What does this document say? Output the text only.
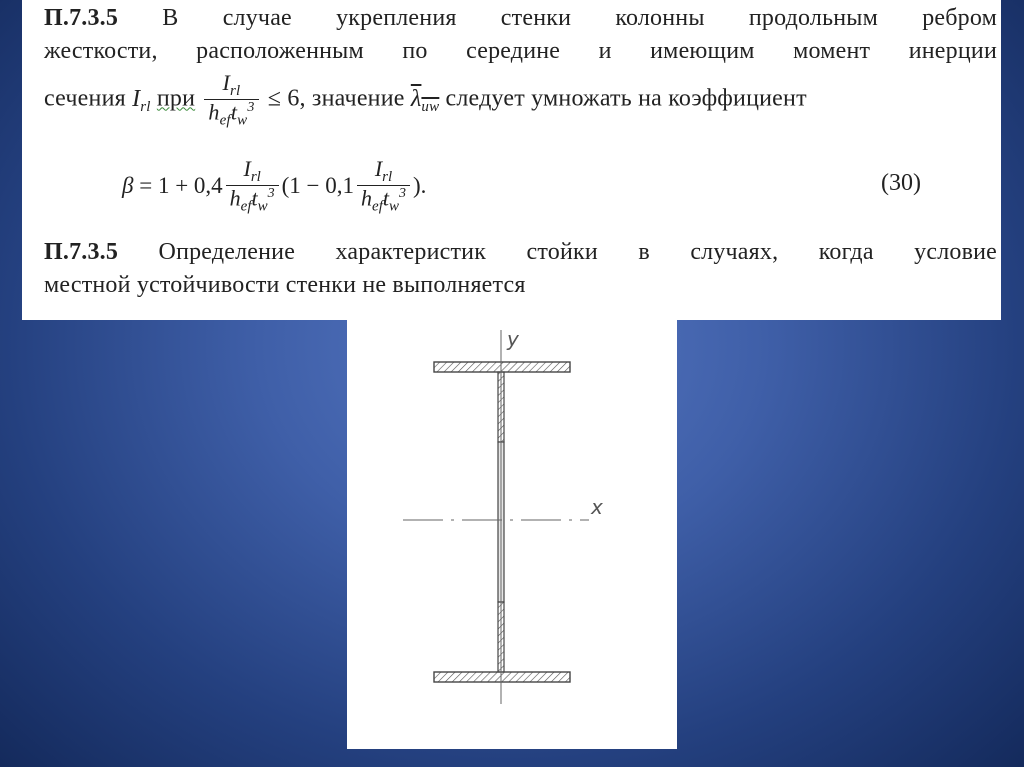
П.7.3.5 В случае укрепления стенки колонны продольным ребром
жесткости, расположенным по середине и имеющим момент инерции
сечения $I_{rl}$ при $\frac{I_{rl}}{h_{ef}t_w^3} \le 6$, значение $\lambda_{uw}$ следует умножать на коэффициент

β
= $1 + 0,4 \frac{I_{rl}}{h_{ef}t_w^3} (1 - 0,1 \frac{I_{rl}}{h_{ef}t_w^3}$ ).	(30)

П.7.3.5 Определение характеристик стойки в случаях, когда условие
местной устойчивости стенки не выполняется

y
x
